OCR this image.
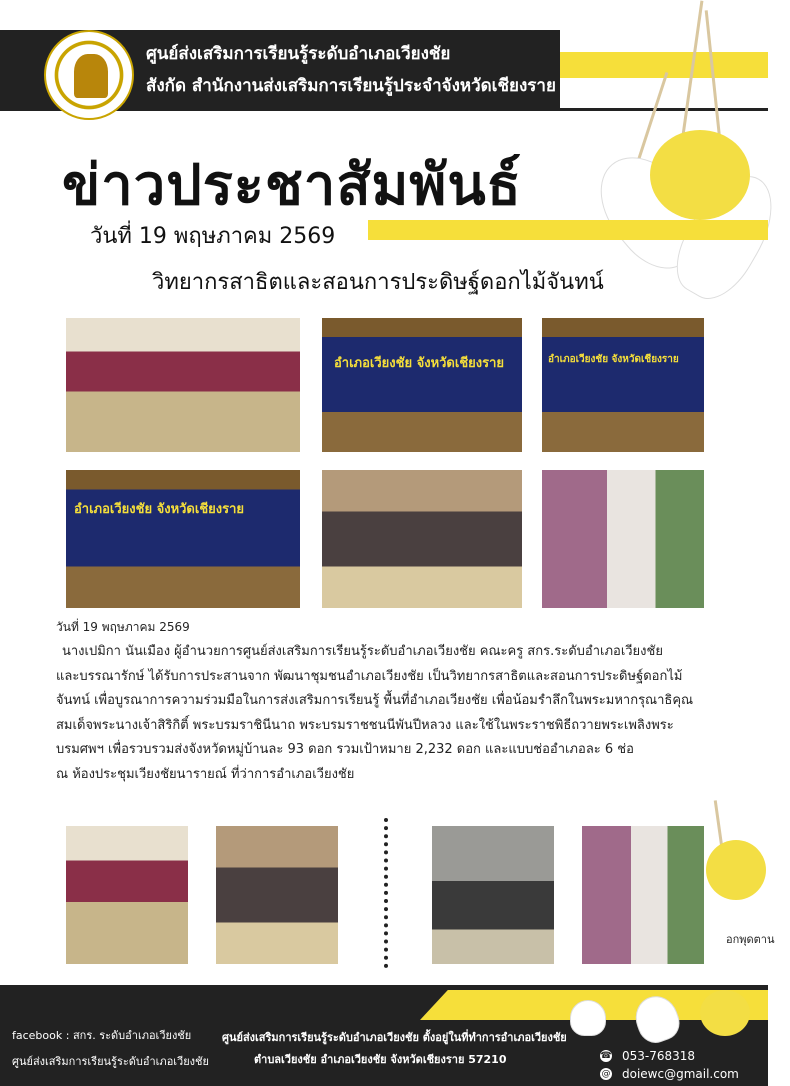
ศูนย์ส่งเสริมการเรียนรู้ระดับอำเภอเวียงชัย
สังกัด สำนักงานส่งเสริมการเรียนรู้ประจำจังหวัดเชียงราย
ข่าวประชาสัมพันธ์
วันที่ 19 พฤษภาคม 2569
วิทยากรสาธิตและสอนการประดิษฐ์ดอกไม้จันทน์
อำเภอเวียงชัย จังหวัดเชียงราย	อำเภอเวียงชัย จังหวัดเชียงราย
อำเภอเวียงชัย จังหวัดเชียงราย
วันที่ 19 พฤษภาคม 2569

นางเปมิกา นันเมือง ผู้อำนวยการศูนย์ส่งเสริมการเรียนรู้ระดับอำเภอเวียงชัย คณะครู สกร.ระดับอำเภอเวียงชัย

และบรรณารักษ์ ได้รับการประสานจาก พัฒนาชุมชนอำเภอเวียงชัย เป็นวิทยากรสาธิตและสอนการประดิษฐ์ดอกไม้

จันทน์ เพื่อบูรณาการความร่วมมือในการส่งเสริมการเรียนรู้ พื้นที่อำเภอเวียงชัย เพื่อน้อมรำลึกในพระมหากรุณาธิคุณ

สมเด็จพระนางเจ้าสิริกิติ์ พระบรมราชินีนาถ พระบรมราชชนนีพันปีหลวง และใช้ในพระราชพิธีถวายพระเพลิงพระ

บรมศพฯ เพื่อรวบรวมส่งจังหวัดหมู่บ้านละ 93 ดอก รวมเป้าหมาย 2,232 ดอก และแบบช่ออำเภอละ 6 ช่อ

ณ ห้องประชุมเวียงชัยนารายณ์ ที่ว่าการอำเภอเวียงชัย

อกพุดตาน
facebook : สกร. ระดับอำเภอเวียงชัย
ศูนย์ส่งเสริมการเรียนรู้ระดับอำเภอเวียงชัย
ศูนย์ส่งเสริมการเรียนรู้ระดับอำเภอเวียงชัย ตั้งอยู่ในที่ทำการอำเภอเวียงชัย
ตำบลเวียงชัย อำเภอเวียงชัย จังหวัดเชียงราย 57210	☎ 053-768318
@ doiewc@gmail.com
